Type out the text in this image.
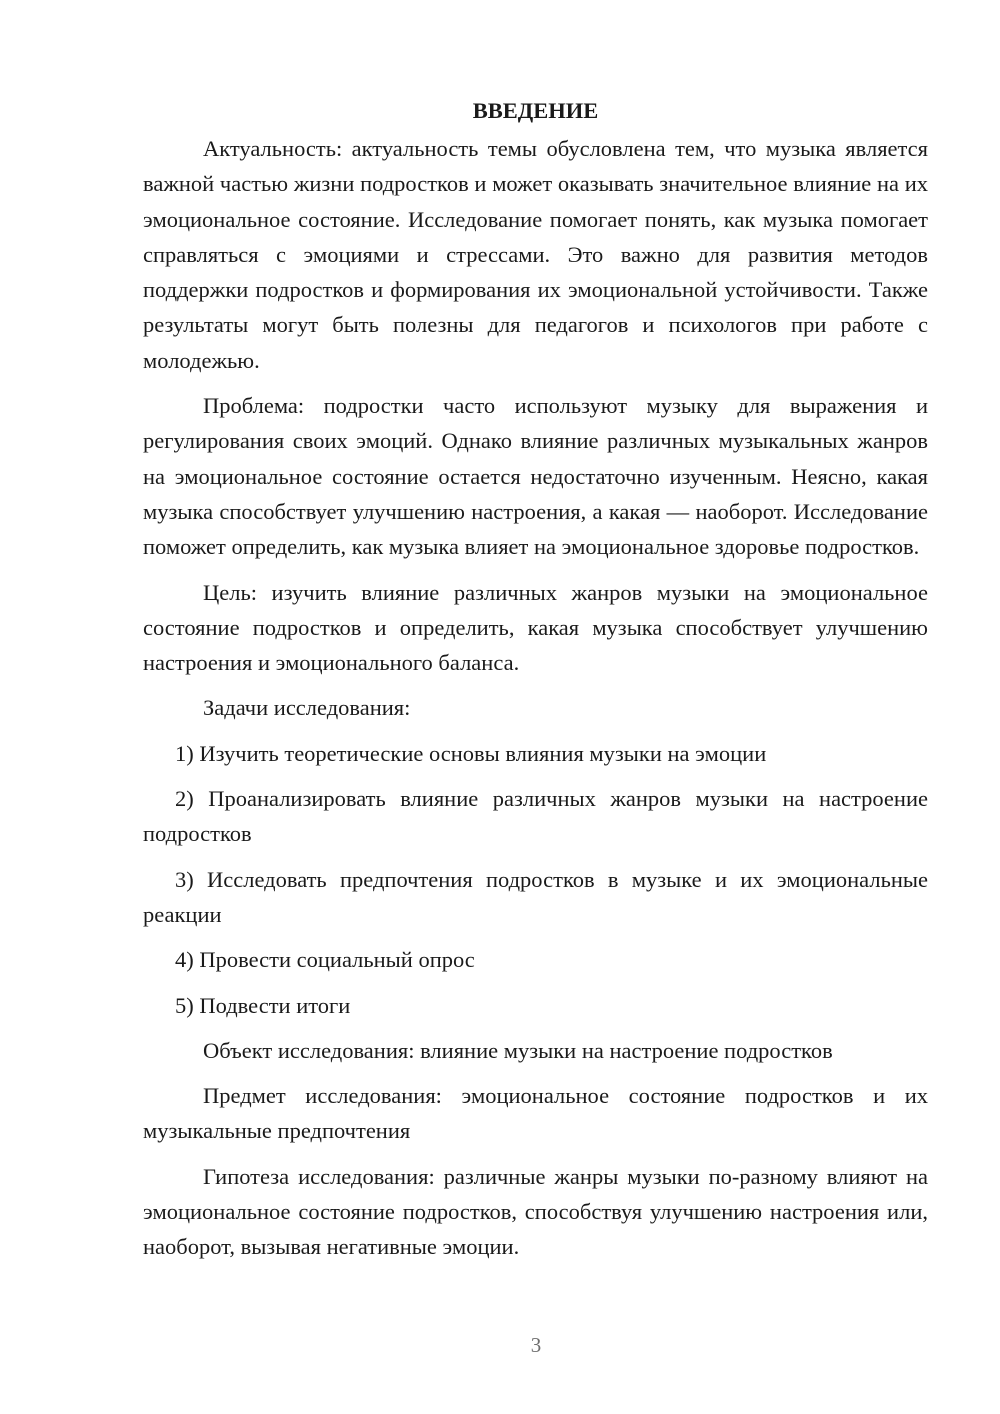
ВВЕДЕНИЕ
Актуальность: актуальность темы обусловлена тем, что музыка является важной частью жизни подростков и может оказывать значительное влияние на их эмоциональное состояние. Исследование помогает понять, как музыка помогает справляться с эмоциями и стрессами. Это важно для развития методов поддержки подростков и формирования их эмоциональной устойчивости. Также результаты могут быть полезны для педагогов и психологов при работе с молодежью.
Проблема: подростки часто используют музыку для выражения и регулирования своих эмоций. Однако влияние различных музыкальных жанров на эмоциональное состояние остается недостаточно изученным. Неясно, какая музыка способствует улучшению настроения, а какая — наоборот. Исследование поможет определить, как музыка влияет на эмоциональное здоровье подростков.
Цель: изучить влияние различных жанров музыки на эмоциональное состояние подростков и определить, какая музыка способствует улучшению настроения и эмоционального баланса.
Задачи исследования:
1) Изучить теоретические основы влияния музыки на эмоции
2) Проанализировать влияние различных жанров музыки на настроение подростков
3) Исследовать предпочтения подростков в музыке и их эмоциональные реакции
4) Провести социальный опрос
5) Подвести итоги
Объект исследования: влияние музыки на настроение подростков
Предмет исследования: эмоциональное состояние подростков и их музыкальные предпочтения
Гипотеза исследования: различные жанры музыки по-разному влияют на эмоциональное состояние подростков, способствуя улучшению настроения или, наоборот, вызывая негативные эмоции.
3
